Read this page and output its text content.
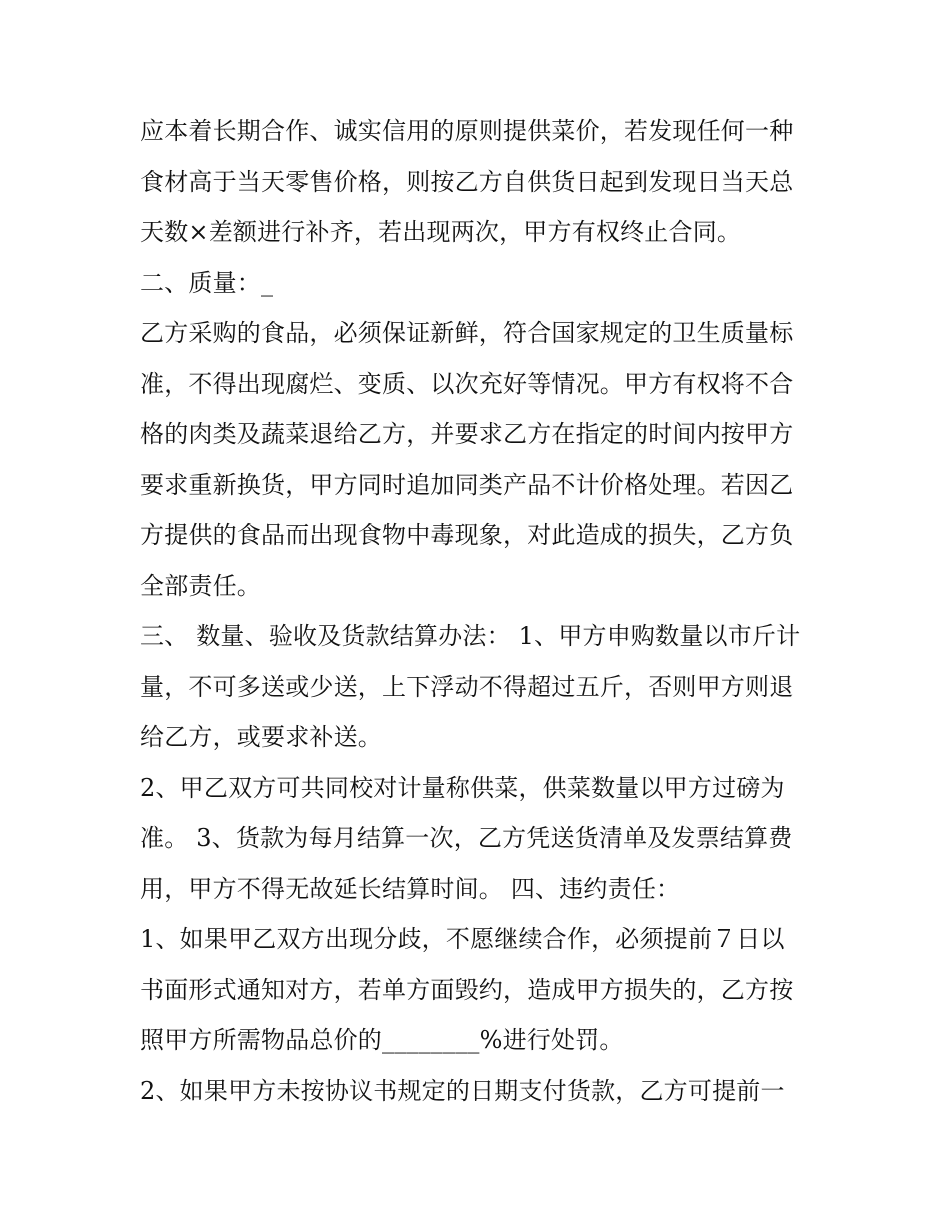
应本着长期合作、诚实信用的原则提供菜价，若发现任何一种
食材高于当天零售价格，则按乙方自供货日起到发现日当天总
天数×差额进行补齐，若出现两次，甲方有权终止合同。
二、质量：_
乙方采购的食品，必须保证新鲜，符合国家规定的卫生质量标
准，不得出现腐烂、变质、以次充好等情况。甲方有权将不合
格的肉类及蔬菜退给乙方，并要求乙方在指定的时间内按甲方
要求重新换货，甲方同时追加同类产品不计价格处理。若因乙
方提供的食品而出现食物中毒现象，对此造成的损失，乙方负
全部责任。
三、 数量、验收及货款结算办法： 1、甲方申购数量以市斤计
量，不可多送或少送，上下浮动不得超过五斤，否则甲方则退
给乙方，或要求补送。
2、甲乙双方可共同校对计量称供菜，供菜数量以甲方过磅为
准。 3、货款为每月结算一次，乙方凭送货清单及发票结算费
用，甲方不得无故延长结算时间。 四、违约责任：
1、如果甲乙双方出现分歧，不愿继续合作，必须提前７日以
书面形式通知对方，若单方面毁约，造成甲方损失的，乙方按
照甲方所需物品总价的________%进行处罚。
2、如果甲方未按协议书规定的日期支付货款，乙方可提前一
